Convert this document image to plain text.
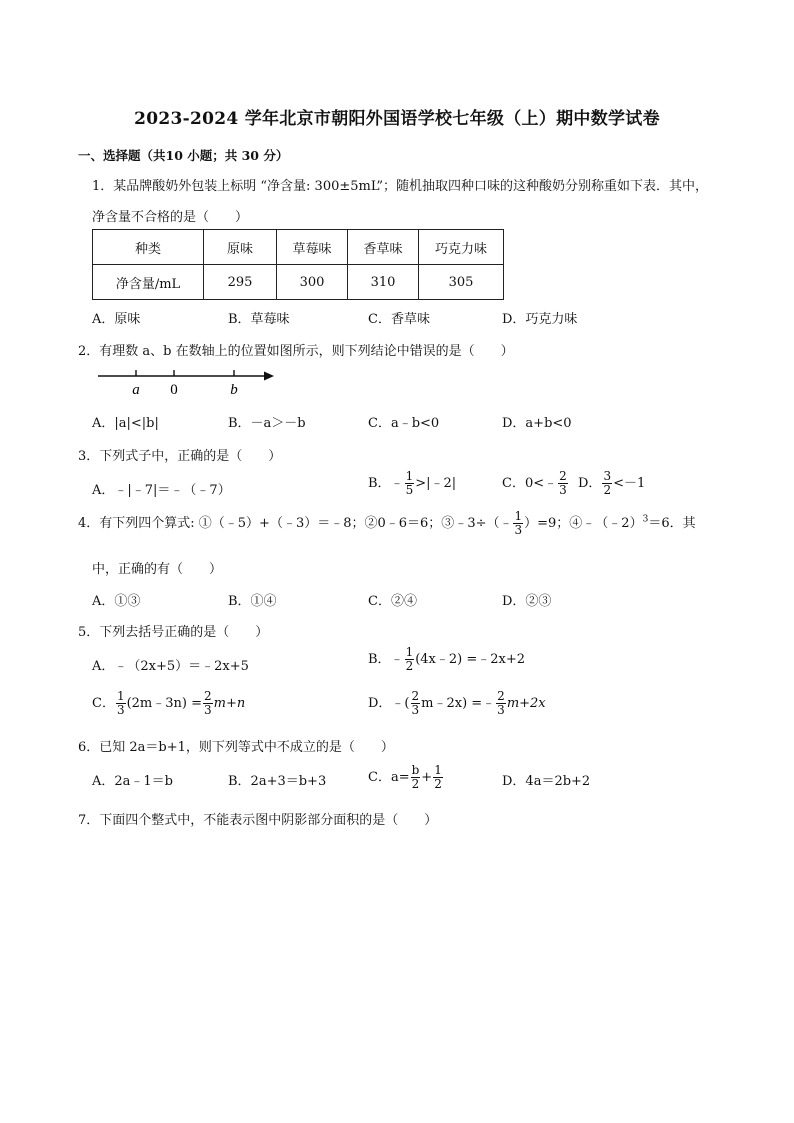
2023-2024 学年北京市朝阳外国语学校七年级（上）期中数学试卷
一、选择题（共10 小题；共 30 分）
1．某品牌酸奶外包装上标明 “净含量: 300±5mL”；随机抽取四种口味的这种酸奶分别称重如下表．其中，
净含量不合格的是（　　）
种类	原味	草莓味	香草味	巧克力味
净含量/mL	295	300	310	305
A．原味	B．草莓味	C．香草味	D．巧克力味
2．有理数 a、b 在数轴上的位置如图所示，则下列结论中错误的是（　　）
a 0	b
A．|a|<|b|	B．－a＞－b	C．a﹣b<0	D．a+b<0
3．下列式子中，正确的是（　　）
A．﹣|﹣7|＝﹣（﹣7）	B．﹣ $\frac{1}{5}$ >|﹣2|	C．0<﹣ $\frac{2}{3}$ D． $\frac{3}{2} <-1$
4．有下列四个算式: ①（﹣5）+（﹣3）＝﹣8；②0﹣6＝6；③﹣3÷（﹣ $\frac{1}{3} )=9$；④﹣（﹣2）$^3$＝6．其
中，正确的有（　　）
A．①③	B．①④	C．②④	D．②③
5．下列去括号正确的是（　　）
A．﹣（2x+5）＝﹣2x+5	B．﹣ $\frac{1}{2}$ (4x﹣2) =﹣2x+2
C． $\frac{1}{3}$ (2m﹣3n) = $\frac{2}{3} m+n$	D．﹣( $\frac{2}{3}$ m﹣2x) =﹣ $\frac{2}{3} m+2x$
6．已知 2a＝b+1，则下列等式中不成立的是（　　）
A．2a﹣1＝b	B．2a+3＝b+3	C．$a= \frac{b}{2} + \frac{1}{2}$	D．4a＝2b+2
7．下面四个整式中，不能表示图中阴影部分面积的是（　　）
